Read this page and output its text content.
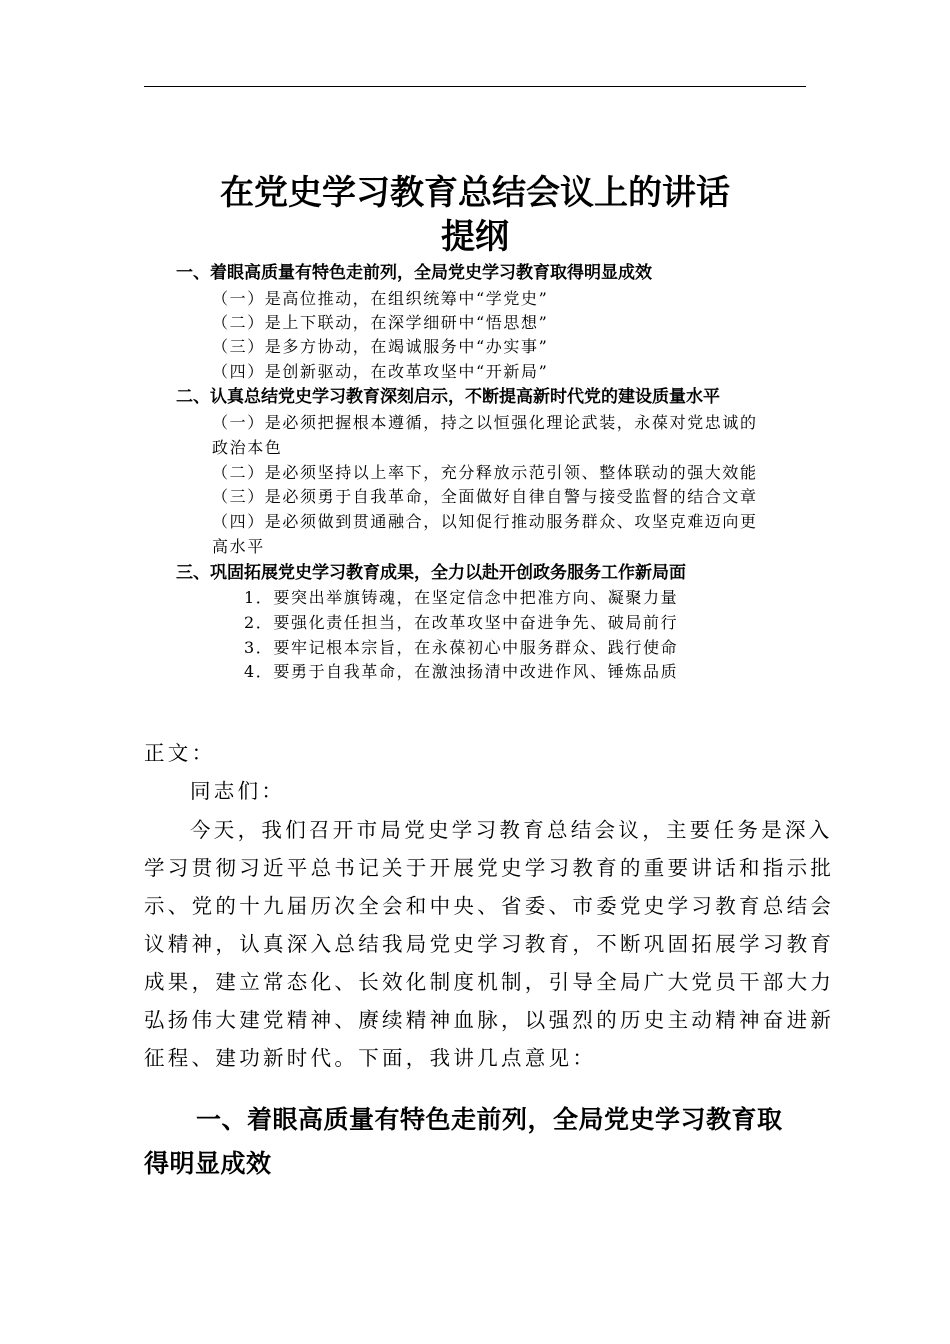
在党史学习教育总结会议上的讲话
提纲
一、着眼高质量有特色走前列，全局党史学习教育取得明显成效
（一）是高位推动，在组织统筹中“学党史”
（二）是上下联动，在深学细研中“悟思想”
（三）是多方协动，在竭诚服务中“办实事”
（四）是创新驱动，在改革攻坚中“开新局”
二、认真总结党史学习教育深刻启示，不断提高新时代党的建设质量水平
（一）是必须把握根本遵循，持之以恒强化理论武装，永葆对党忠诚的
政治本色
（二）是必须坚持以上率下，充分释放示范引领、整体联动的强大效能
（三）是必须勇于自我革命，全面做好自律自警与接受监督的结合文章
（四）是必须做到贯通融合，以知促行推动服务群众、攻坚克难迈向更
高水平
三、巩固拓展党史学习教育成果，全力以赴开创政务服务工作新局面
1．要突出举旗铸魂，在坚定信念中把准方向、凝聚力量
2．要强化责任担当，在改革攻坚中奋进争先、破局前行
3．要牢记根本宗旨，在永葆初心中服务群众、践行使命
4．要勇于自我革命，在激浊扬清中改进作风、锤炼品质
正文：
同志们：
今天，我们召开市局党史学习教育总结会议，主要任务是深入
学习贯彻习近平总书记关于开展党史学习教育的重要讲话和指示批
示、党的十九届历次全会和中央、省委、市委党史学习教育总结会
议精神，认真深入总结我局党史学习教育，不断巩固拓展学习教育
成果，建立常态化、长效化制度机制，引导全局广大党员干部大力
弘扬伟大建党精神、赓续精神血脉，以强烈的历史主动精神奋进新
征程、建功新时代。下面，我讲几点意见：
一、着眼高质量有特色走前列，全局党史学习教育取
得明显成效
